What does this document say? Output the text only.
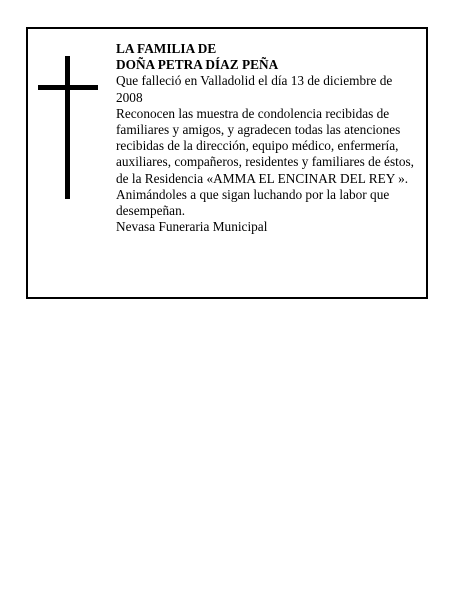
LA FAMILIA DE
DOÑA PETRA DÍAZ PEÑA

Que falleció en Valladolid el día 13 de diciembre de 2008

Reconocen las muestra de condolencia recibidas de familiares y amigos, y agradecen todas las atenciones recibidas de la dirección, equipo médico, enfermería, auxiliares, compañeros, residentes y familiares de éstos, de la Residencia «AMMA EL ENCINAR DEL REY ».

Animándoles a que sigan luchando por la labor que desempeñan.

Nevasa Funeraria Municipal
